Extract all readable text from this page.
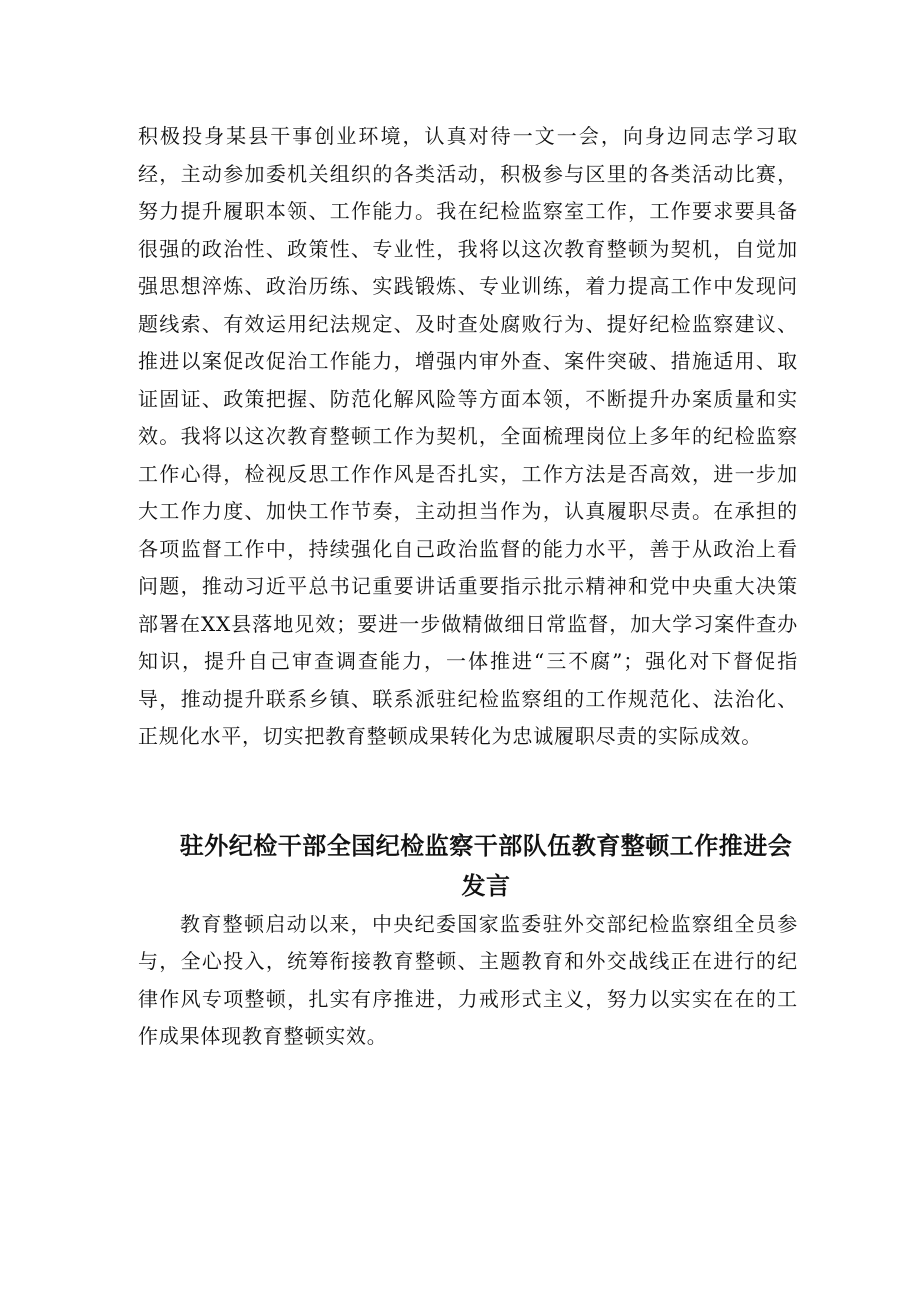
积极投身某县干事创业环境，认真对待一文一会，向身边同志学习取经，主动参加委机关组织的各类活动，积极参与区里的各类活动比赛，努力提升履职本领、工作能力。我在纪检监察室工作，工作要求要具备很强的政治性、政策性、专业性，我将以这次教育整顿为契机，自觉加强思想淬炼、政治历练、实践锻炼、专业训练，着力提高工作中发现问题线索、有效运用纪法规定、及时查处腐败行为、提好纪检监察建议、推进以案促改促治工作能力，增强内审外查、案件突破、措施适用、取证固证、政策把握、防范化解风险等方面本领，不断提升办案质量和实效。我将以这次教育整顿工作为契机，全面梳理岗位上多年的纪检监察工作心得，检视反思工作作风是否扎实，工作方法是否高效，进一步加大工作力度、加快工作节奏，主动担当作为，认真履职尽责。在承担的各项监督工作中，持续强化自己政治监督的能力水平，善于从政治上看问题，推动习近平总书记重要讲话重要指示批示精神和党中央重大决策部署在XX县落地见效；要进一步做精做细日常监督，加大学习案件查办知识，提升自己审查调查能力，一体推进“三不腐”；强化对下督促指导，推动提升联系乡镇、联系派驻纪检监察组的工作规范化、法治化、正规化水平，切实把教育整顿成果转化为忠诚履职尽责的实际成效。

驻外纪检干部全国纪检监察干部队伍教育整顿工作推进会发言

教育整顿启动以来，中央纪委国家监委驻外交部纪检监察组全员参与，全心投入，统筹衔接教育整顿、主题教育和外交战线正在进行的纪律作风专项整顿，扎实有序推进，力戒形式主义，努力以实实在在的工作成果体现教育整顿实效。
